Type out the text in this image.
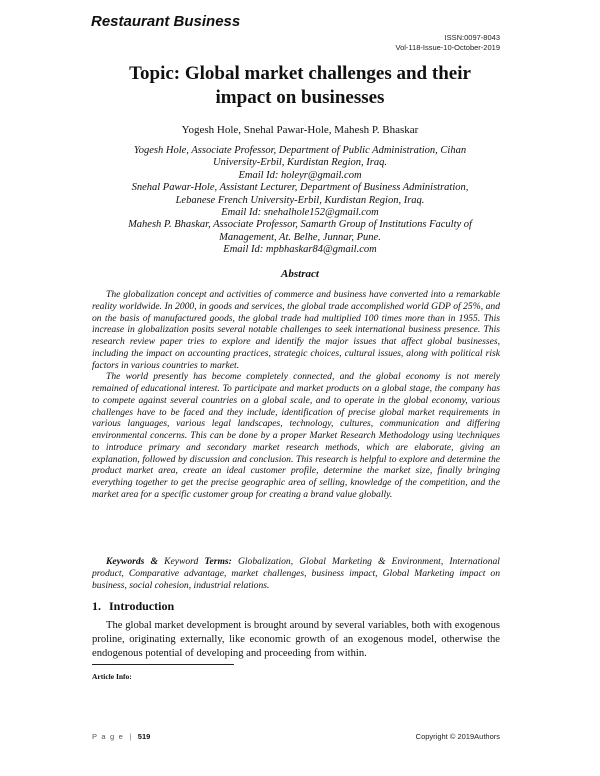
Restaurant Business
ISSN:0097-8043
Vol-118-Issue-10-October-2019
Topic: Global market challenges and their
impact on businesses
Yogesh Hole, Snehal Pawar-Hole, Mahesh P. Bhaskar
Yogesh Hole, Associate Professor, Department of Public Administration, Cihan
University-Erbil, Kurdistan Region, Iraq.
Email Id: holeyr@gmail.com
Snehal Pawar-Hole, Assistant Lecturer, Department of Business Administration,
Lebanese French University-Erbil, Kurdistan Region, Iraq.
Email Id: snehalhole152@gmail.com
Mahesh P. Bhaskar, Associate Professor, Samarth Group of Institutions Faculty of
Management, At. Belhe, Junnar, Pune.
Email Id: mpbhaskar84@gmail.com
Abstract

The globalization concept and activities of commerce and business have converted into a remarkable reality worldwide. In 2000, in goods and services, the global trade accomplished world GDP of 25%, and on the basis of manufactured goods, the global trade had multiplied 100 times more than in 1955. This increase in globalization posits several notable challenges to seek international business presence. This research review paper tries to explore and identify the major issues that affect global businesses, including the impact on accounting practices, strategic choices, cultural issues, along with political risk factors in various countries to market.

The world presently has become completely connected, and the global economy is not merely remained of educational interest. To participate and market products on a global stage, the company has to compete against several countries on a global scale, and to operate in the global economy, various challenges have to be faced and they include, identification of precise global market requirements in various languages, various legal landscapes, technology, cultures, communication and differing environmental concerns. This can be done by a proper Market Research Methodology using \techniques to introduce primary and secondary market research methods, which are elaborate, giving an explanation, followed by discussion and conclusion. This research is helpful to explore and determine the product market area, create an ideal customer profile, determine the market size, finally bringing everything together to get the precise geographic area of selling, knowledge of the competition, and the market area for a specific customer group for creating a brand value globally.

Keywords & Keyword Terms: Globalization, Global Marketing & Environment, International product, Comparative advantage, market challenges, business impact, Global Marketing impact on business, social cohesion, industrial relations.
1. Introduction
The global market development is brought around by several variables, both with exogenous proline, originating externally, like economic growth of an exogenous model, otherwise the endogenous potential of developing and proceeding from within.
Article Info:
P a g e | 519	Copyright © 2019Authors
